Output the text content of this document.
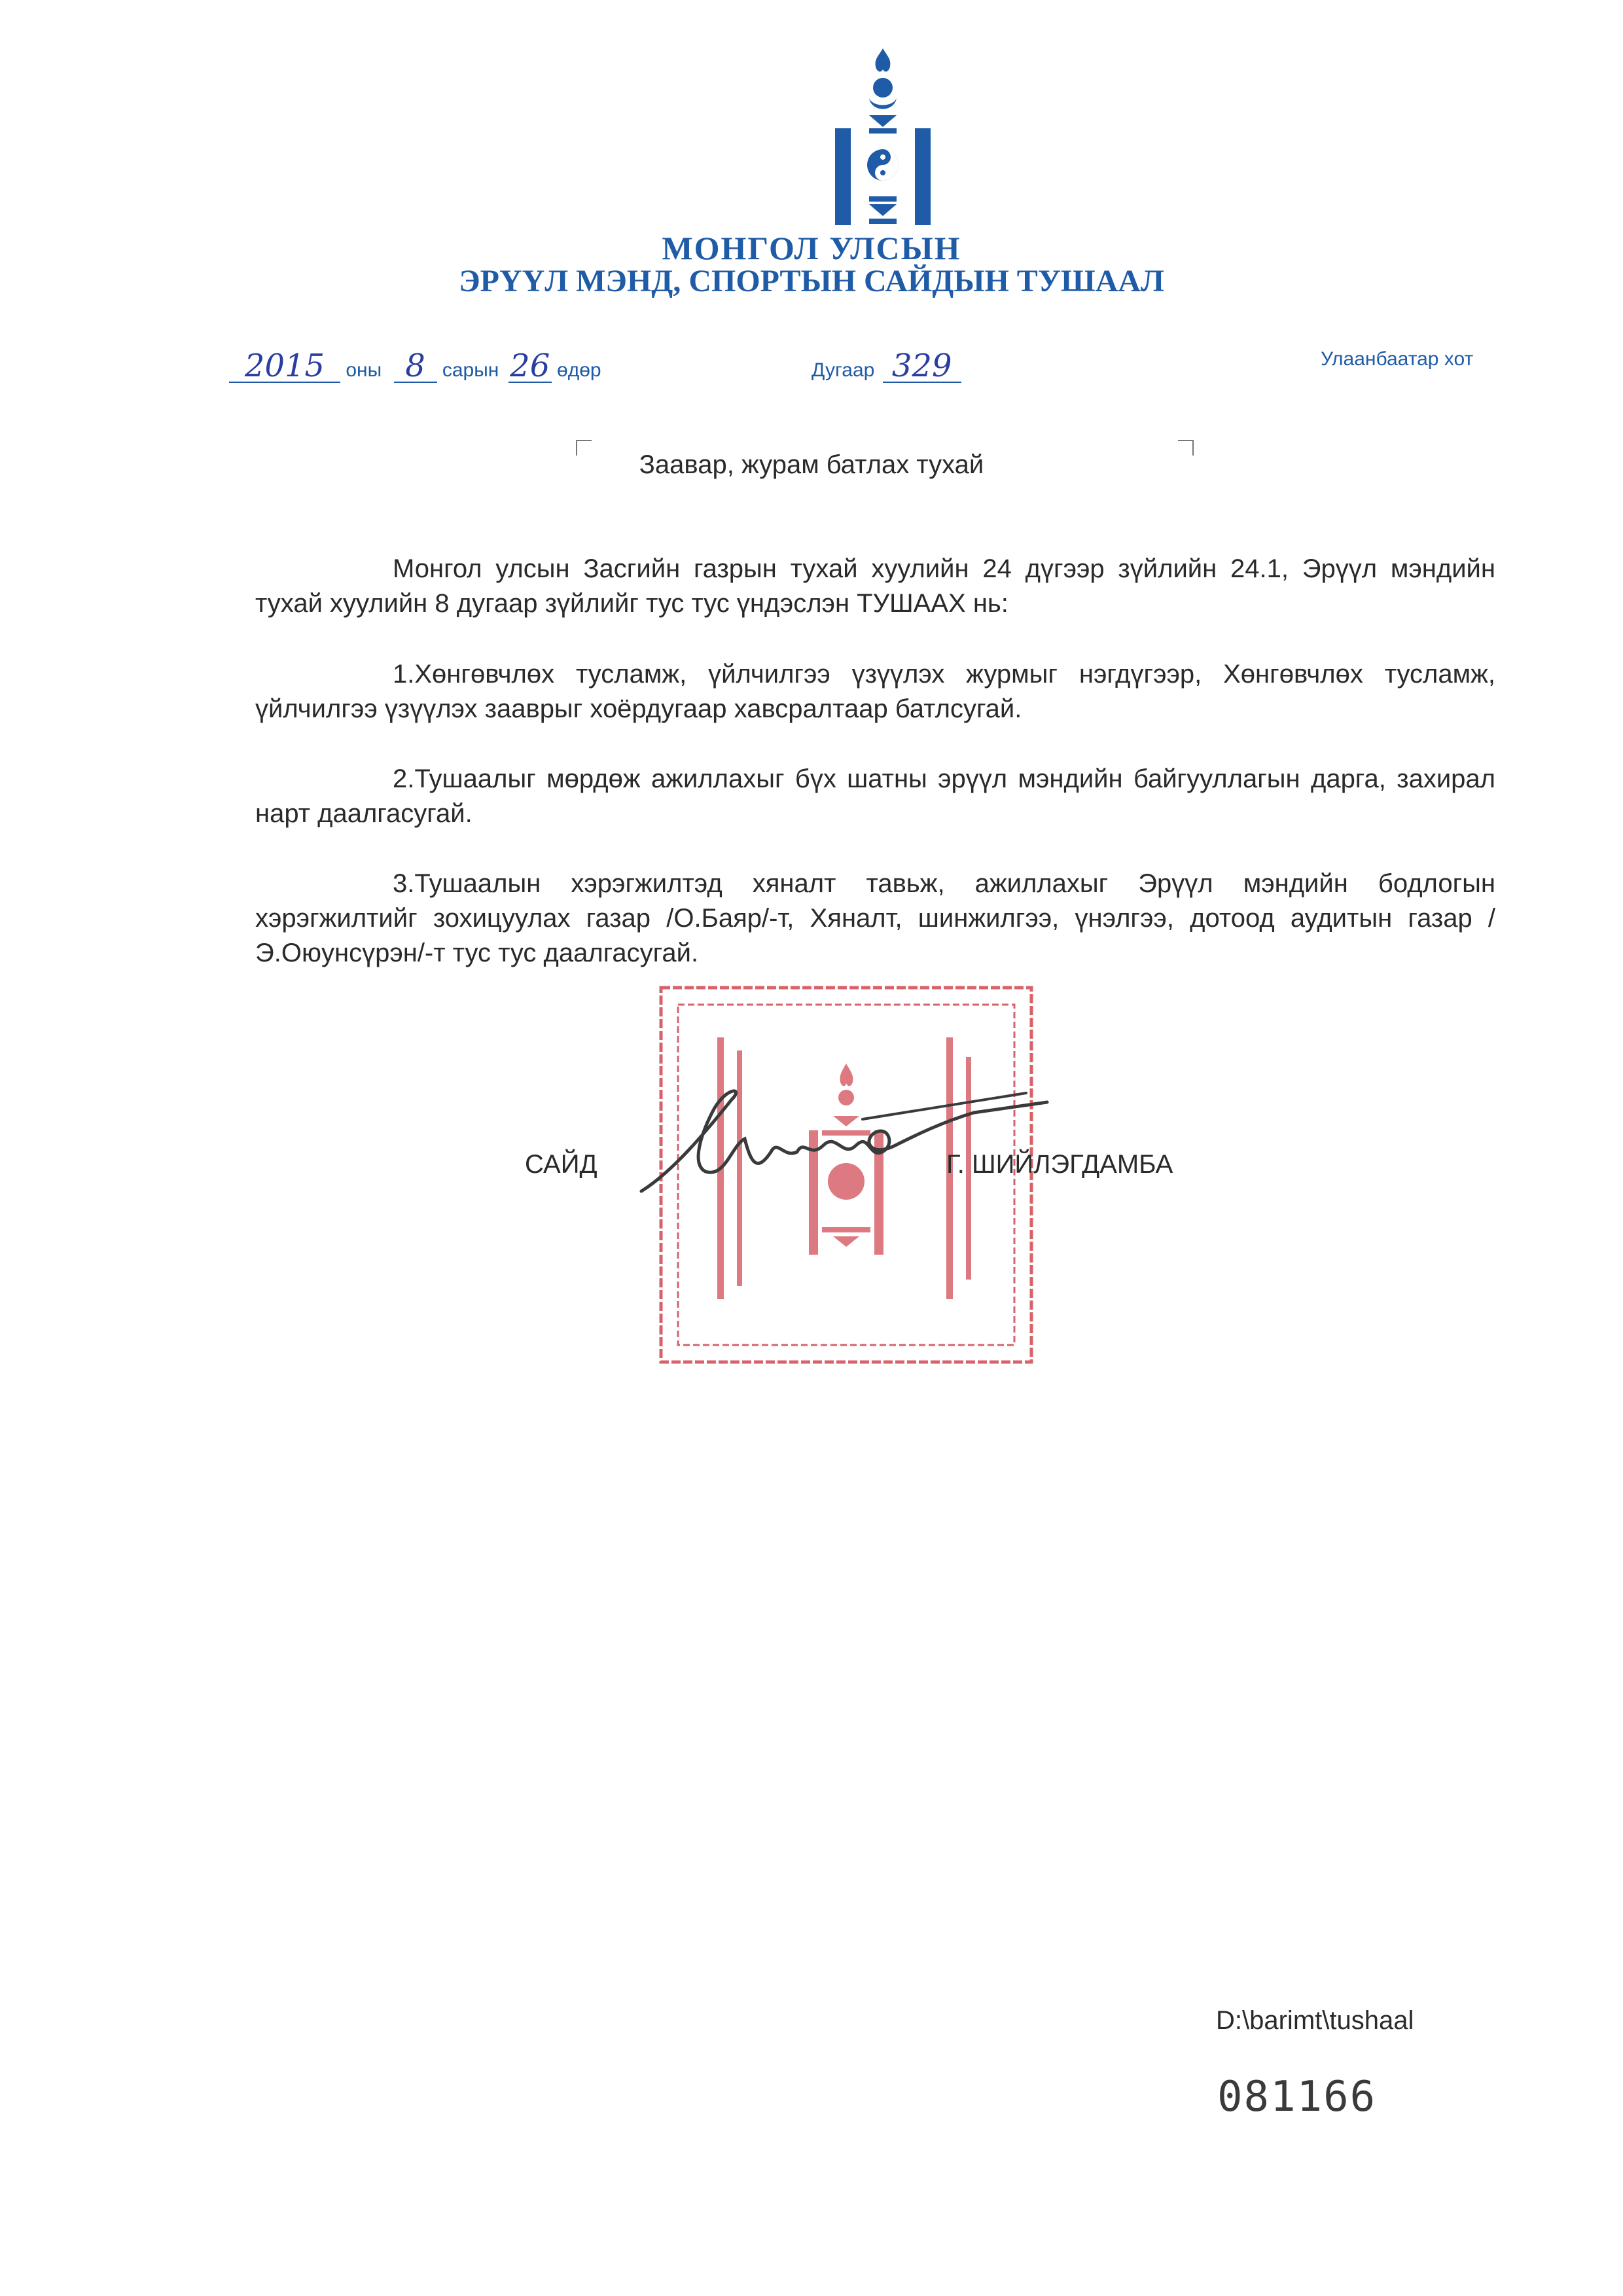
МОНГОЛ УЛСЫН
ЭРҮҮЛ МЭНД, СПОРТЫН САЙДЫН ТУШААЛ
2015 оны 8 сарын 26 өдөр	Дугаар 329	Улаанбаатар хот
Заавар, журам батлах тухай
Монгол улсын Засгийн газрын тухай хуулийн 24 дүгээр зүйлийн 24.1, Эрүүл мэндийн тухай хуулийн 8 дугаар зүйлийг тус тус үндэслэн ТУШААХ нь:
1.Хөнгөвчлөх тусламж, үйлчилгээ үзүүлэх журмыг нэгдүгээр, Хөнгөвчлөх тусламж, үйлчилгээ үзүүлэх зааврыг хоёрдугаар хавсралтаар батлсугай.
2.Тушаалыг мөрдөж ажиллахыг бүх шатны эрүүл мэндийн байгууллагын дарга, захирал нарт даалгасугай.
3.Тушаалын хэрэгжилтэд хяналт тавьж, ажиллахыг Эрүүл мэндийн бодлогын хэрэгжилтийг зохицуулах газар /О.Баяр/-т, Хяналт, шинжилгээ, үнэлгээ, дотоод аудитын газар /Э.Оюунсүрэн/-т тус тус даалгасугай.
САЙД	Г. ШИЙЛЭГДАМБА
D:\barimt\tushaal
081166
